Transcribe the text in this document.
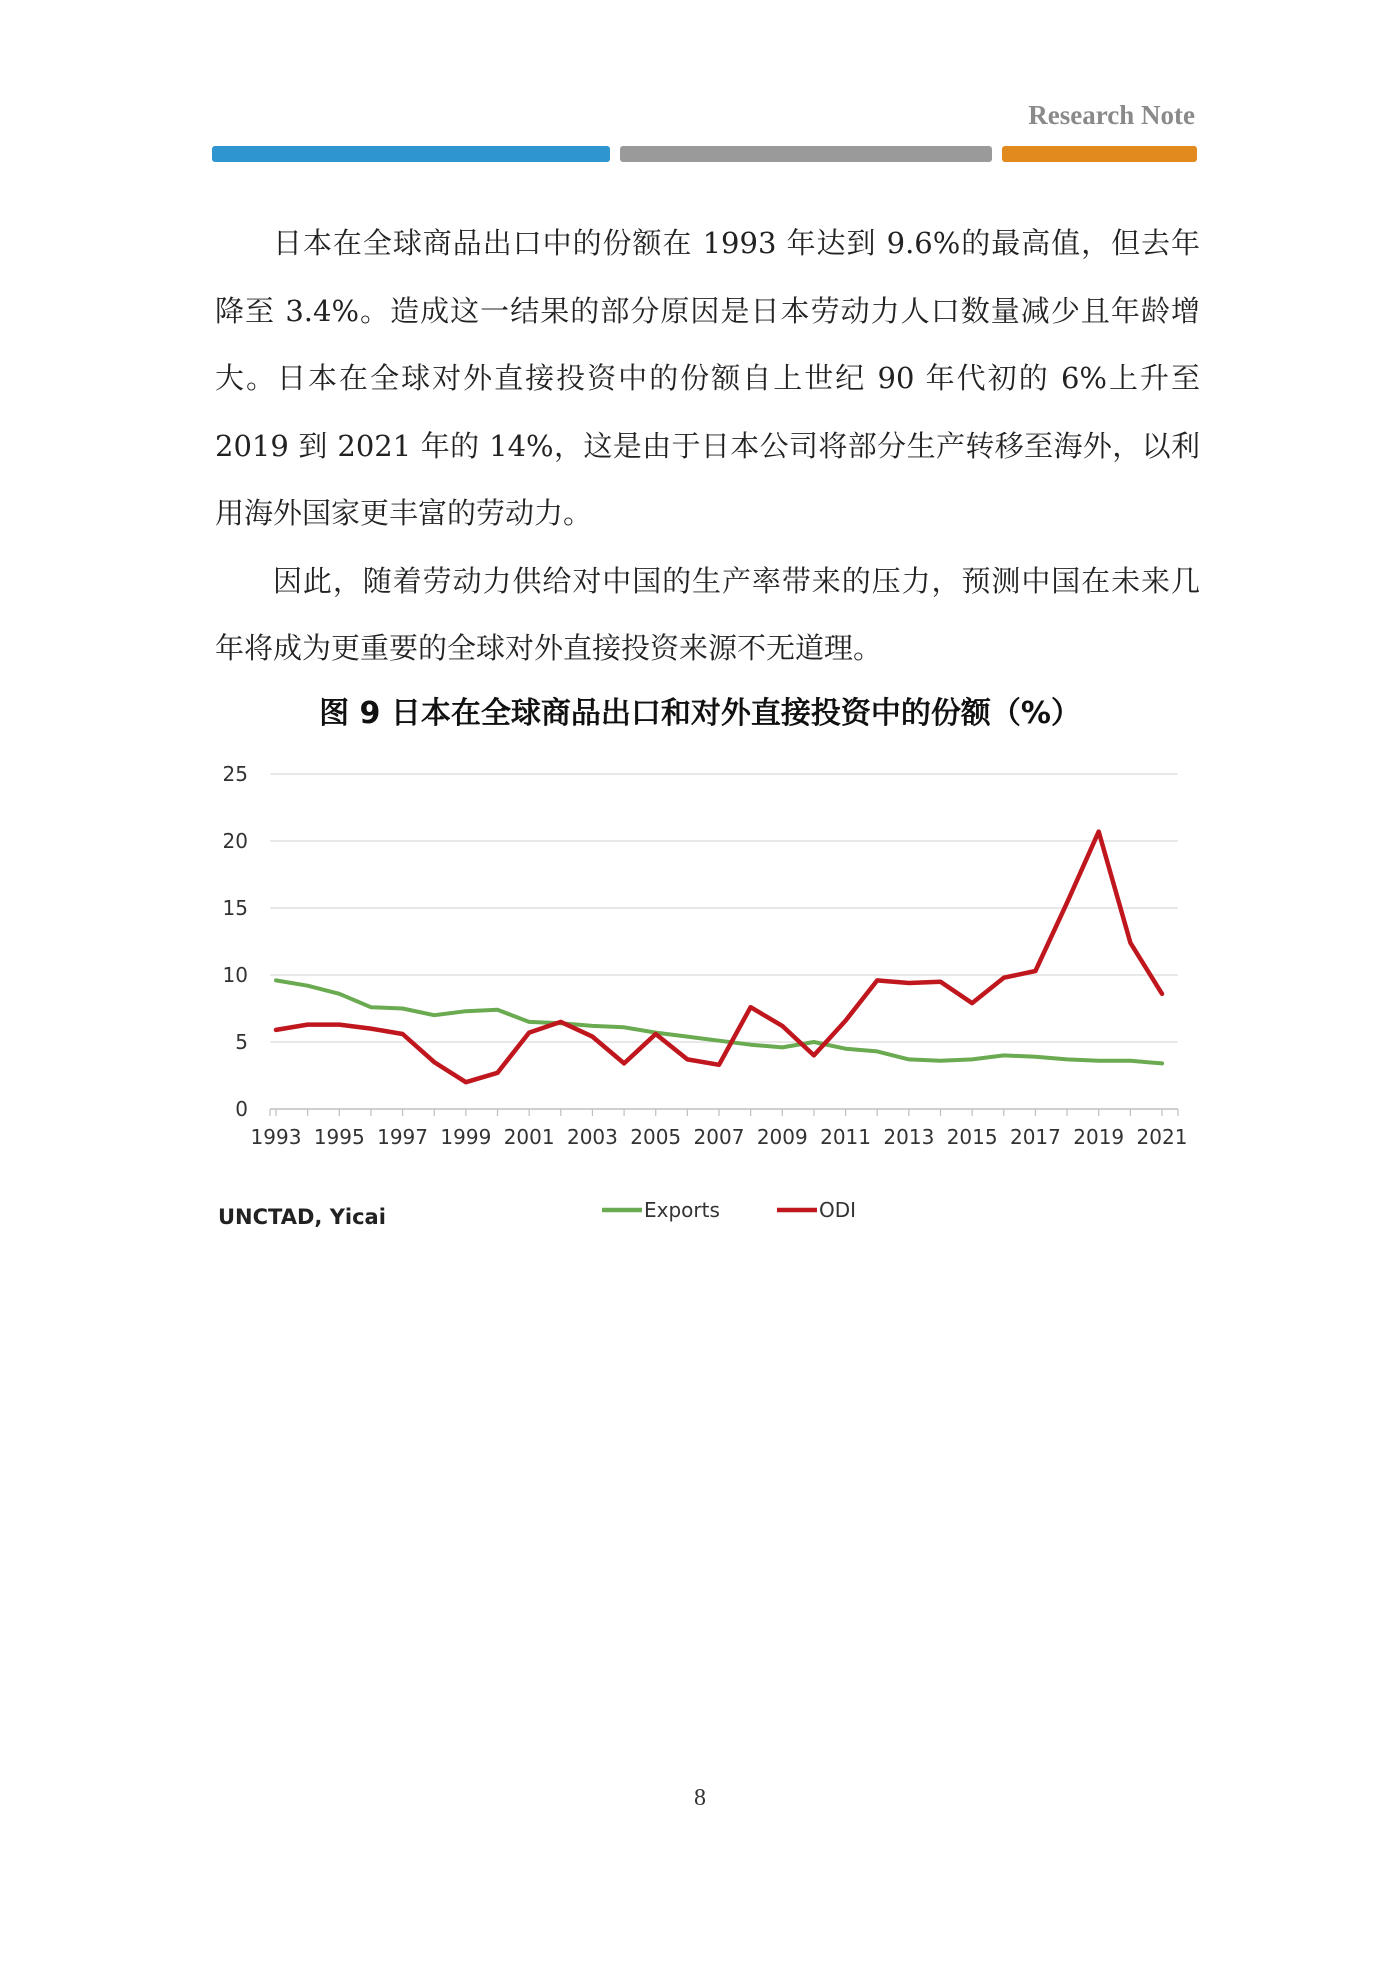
Research Note

日本在全球商品出口中的份额在 1993 年达到 9.6%的最高值，但去年降至 3.4%。造成这一结果的部分原因是日本劳动力人口数量减少且年龄增大。日本在全球对外直接投资中的份额自上世纪 90 年代初的 6%上升至 2019 到 2021 年的 14%，这是由于日本公司将部分生产转移至海外，以利用海外国家更丰富的劳动力。

因此，随着劳动力供给对中国的生产率带来的压力，预测中国在未来几年将成为更重要的全球对外直接投资来源不无道理。

图 9 日本在全球商品出口和对外直接投资中的份额（%）
0
5
10
15
20
25
1993 1995 1997 1999 2001 2003 2005 2007 2009 2011 2013 2015 2017 2019 2021
UNCTAD, Yicai	Exports	ODI
8
